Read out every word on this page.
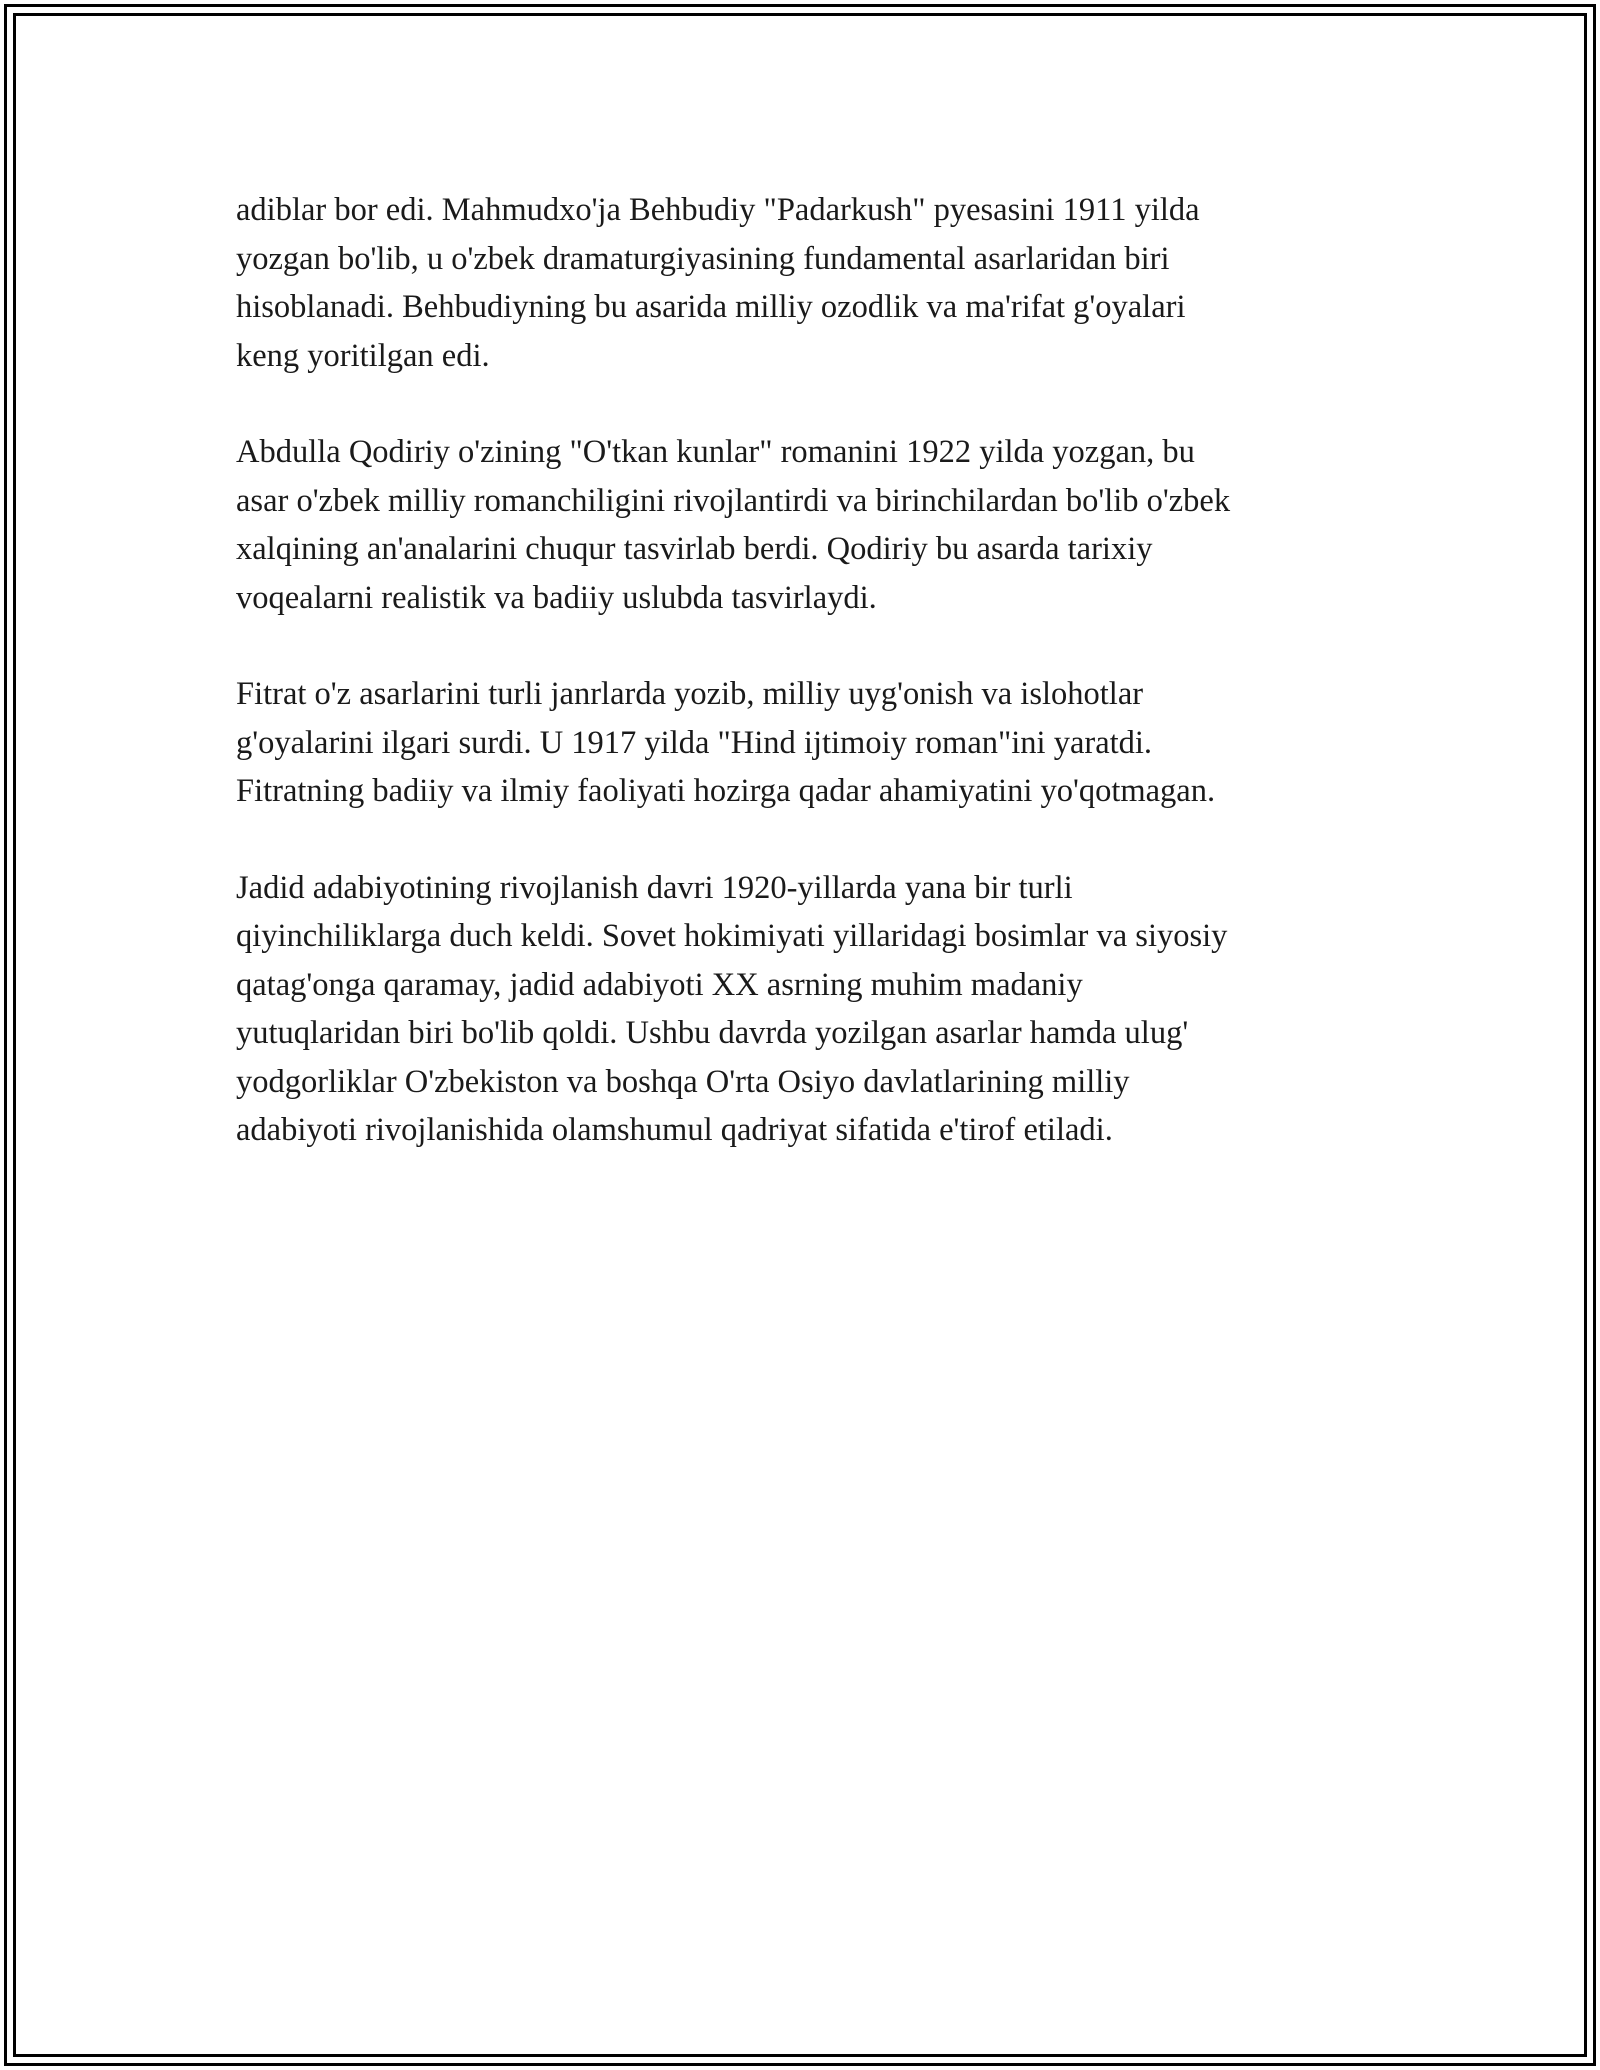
adiblar bor edi. Mahmudxo'ja Behbudiy "Padarkush" pyesasini 1911 yilda
yozgan bo'lib, u o'zbek dramaturgiyasining fundamental asarlaridan biri
hisoblanadi. Behbudiyning bu asarida milliy ozodlik va ma'rifat g'oyalari
keng yoritilgan edi.

Abdulla Qodiriy o'zining "O'tkan kunlar" romanini 1922 yilda yozgan, bu
asar o'zbek milliy romanchiligini rivojlantirdi va birinchilardan bo'lib o'zbek
xalqining an'analarini chuqur tasvirlab berdi. Qodiriy bu asarda tarixiy
voqealarni realistik va badiiy uslubda tasvirlaydi.

Fitrat o'z asarlarini turli janrlarda yozib, milliy uyg'onish va islohotlar
g'oyalarini ilgari surdi. U 1917 yilda "Hind ijtimoiy roman"ini yaratdi.
Fitratning badiiy va ilmiy faoliyati hozirga qadar ahamiyatini yo'qotmagan.

Jadid adabiyotining rivojlanish davri 1920-yillarda yana bir turli
qiyinchiliklarga duch keldi. Sovet hokimiyati yillaridagi bosimlar va siyosiy
qatag'onga qaramay, jadid adabiyoti XX asrning muhim madaniy
yutuqlaridan biri bo'lib qoldi. Ushbu davrda yozilgan asarlar hamda ulug'
yodgorliklar O'zbekiston va boshqa O'rta Osiyo davlatlarining milliy
adabiyoti rivojlanishida olamshumul qadriyat sifatida e'tirof etiladi.
